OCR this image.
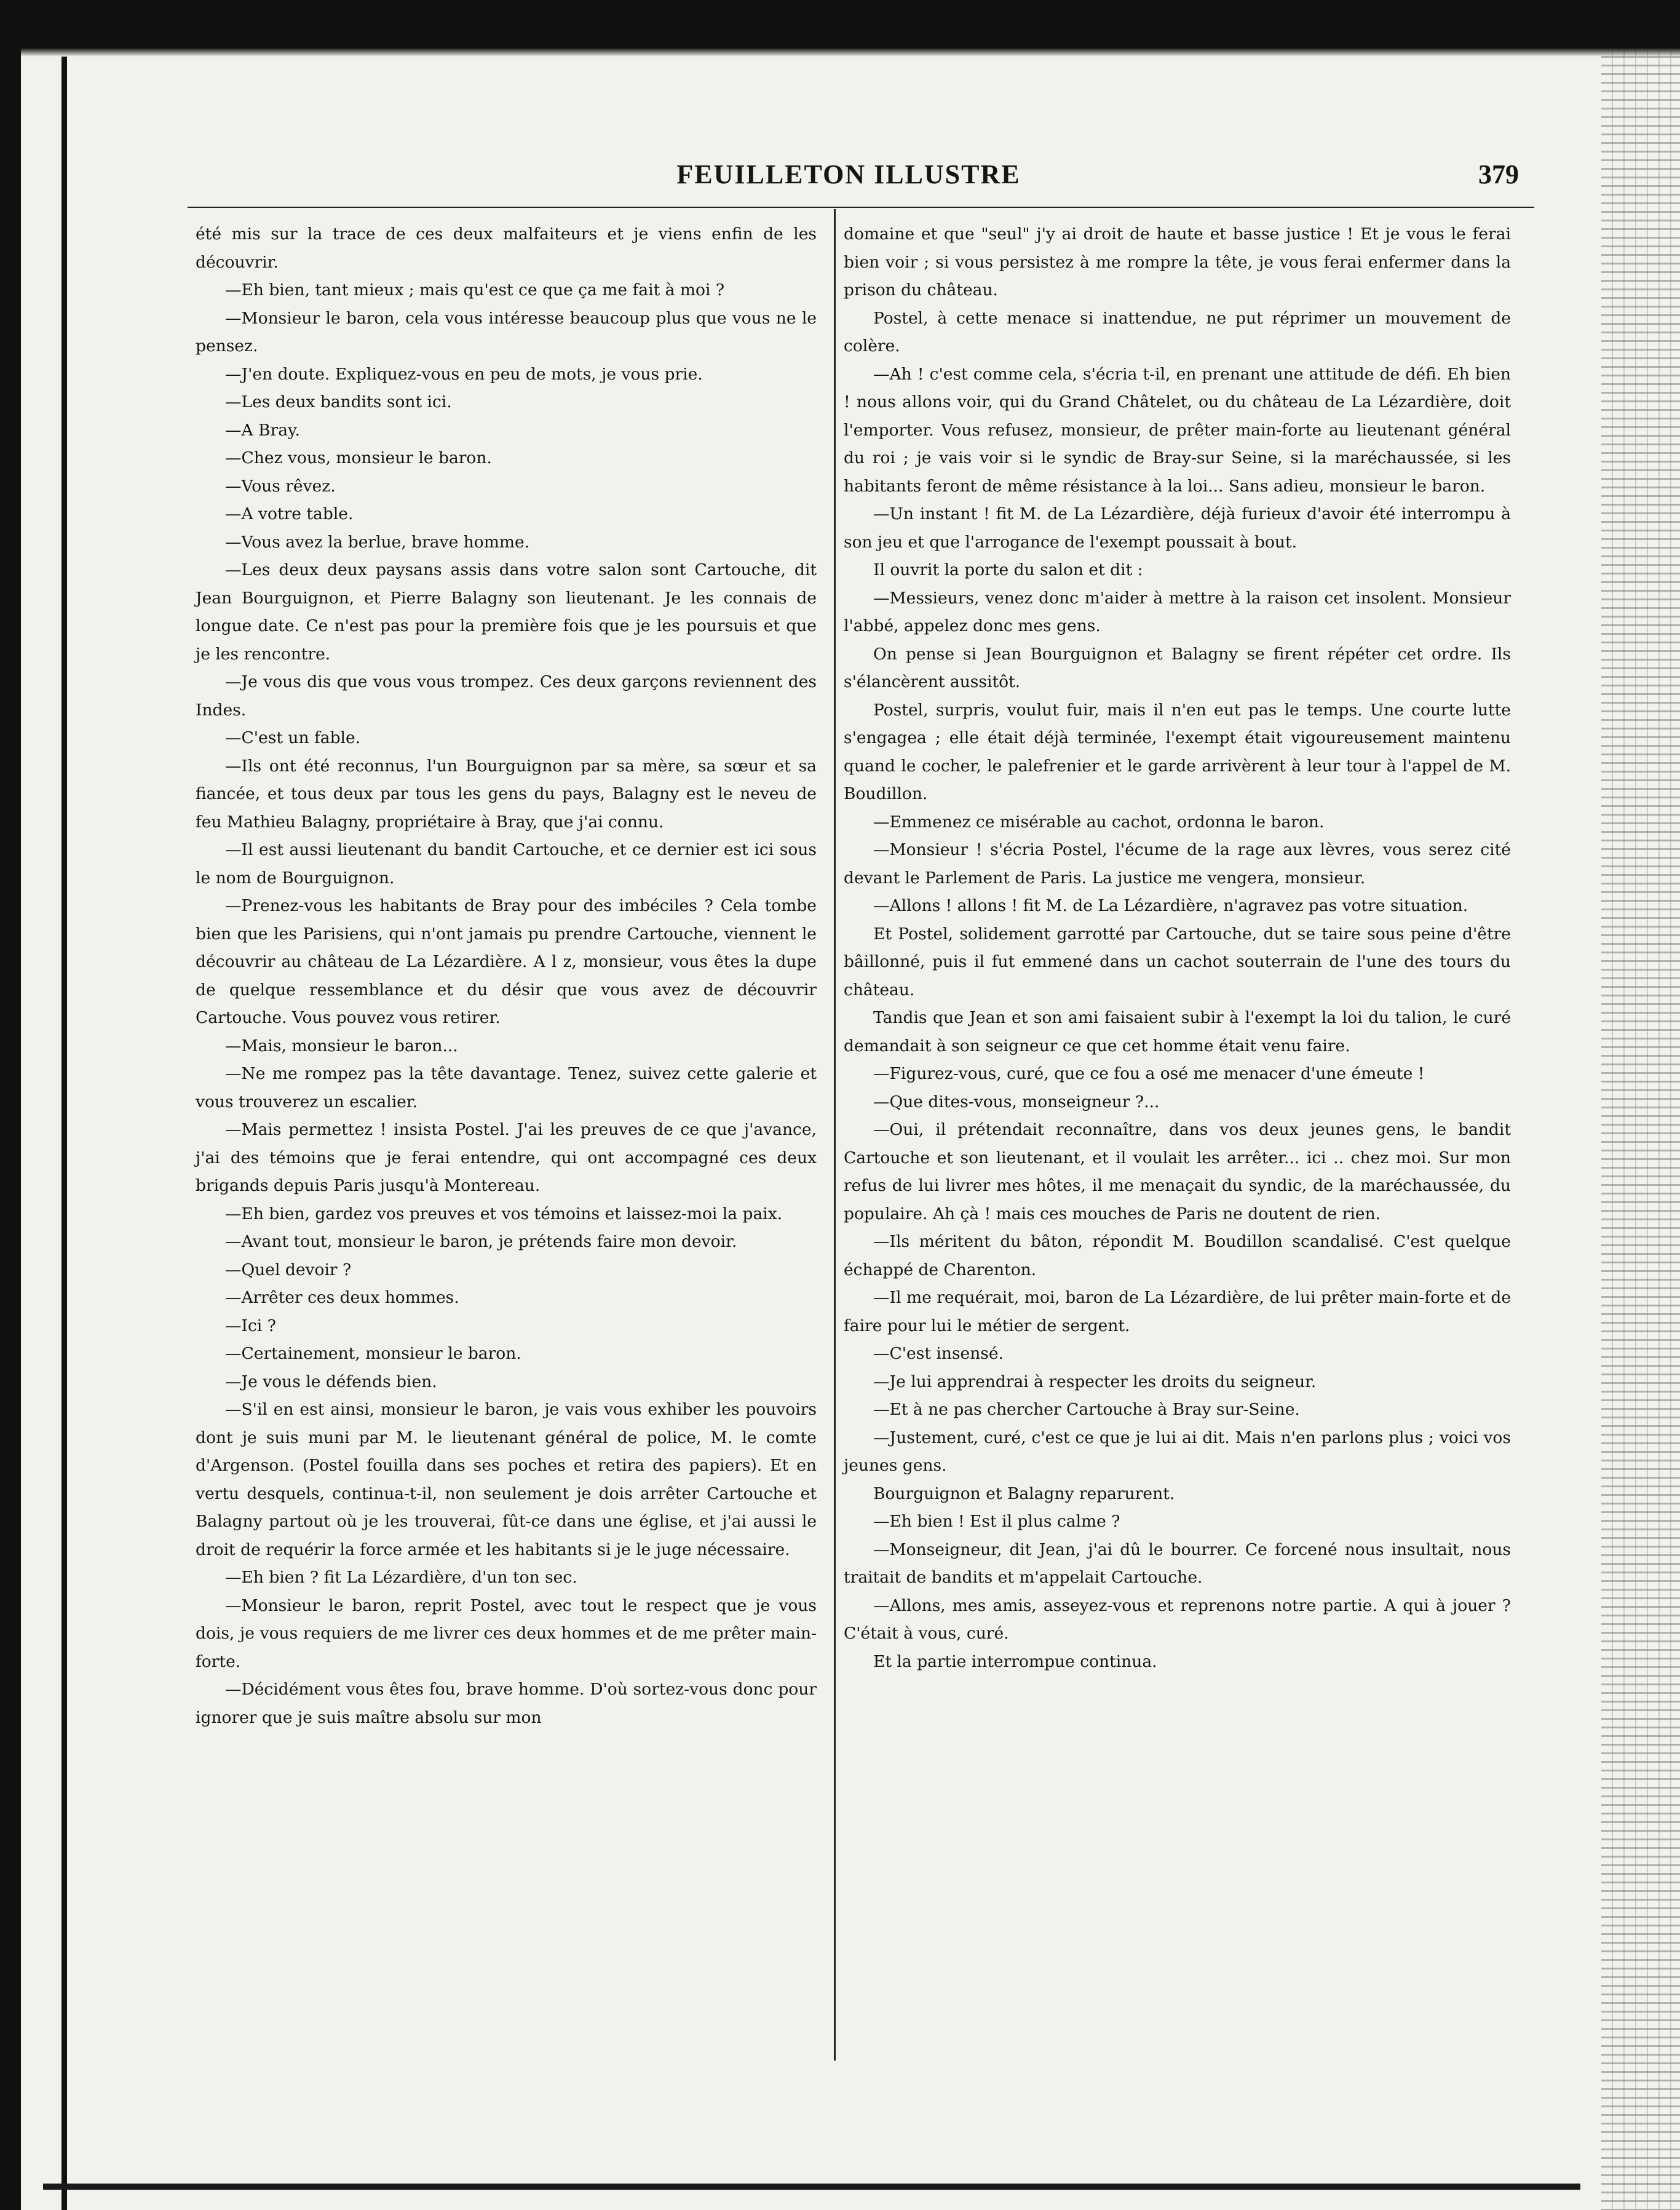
FEUILLETON ILLUSTRE	379

été mis sur la trace de ces deux malfaiteurs et je viens enfin de les découvrir.

—Eh bien, tant mieux ; mais qu'est ce que ça me fait à moi ?

—Monsieur le baron, cela vous intéresse beaucoup plus que vous ne le pensez.

—J'en doute. Expliquez-vous en peu de mots, je vous prie.

—Les deux bandits sont ici.

—A Bray.

—Chez vous, monsieur le baron.

—Vous rêvez.

—A votre table.

—Vous avez la berlue, brave homme.

—Les deux deux paysans assis dans votre salon sont Cartouche, dit Jean Bourguignon, et Pierre Balagny son lieutenant. Je les connais de longue date. Ce n'est pas pour la première fois que je les poursuis et que je les rencontre.

—Je vous dis que vous vous trompez. Ces deux garçons reviennent des Indes.

—C'est un fable.

—Ils ont été reconnus, l'un Bourguignon par sa mère, sa sœur et sa fiancée, et tous deux par tous les gens du pays, Balagny est le neveu de feu Mathieu Balagny, propriétaire à Bray, que j'ai connu.

—Il est aussi lieutenant du bandit Cartouche, et ce dernier est ici sous le nom de Bourguignon.

—Prenez-vous les habitants de Bray pour des imbéciles ? Cela tombe bien que les Parisiens, qui n'ont jamais pu prendre Cartouche, viennent le découvrir au château de La Lézardière. A l z, monsieur, vous êtes la dupe de quelque ressemblance et du désir que vous avez de découvrir Cartouche. Vous pouvez vous retirer.

—Mais, monsieur le baron...

—Ne me rompez pas la tête davantage. Tenez, suivez cette galerie et vous trouverez un escalier.

—Mais permettez ! insista Postel. J'ai les preuves de ce que j'avance, j'ai des témoins que je ferai entendre, qui ont accompagné ces deux brigands depuis Paris jusqu'à Montereau.

—Eh bien, gardez vos preuves et vos témoins et laissez-moi la paix.

—Avant tout, monsieur le baron, je prétends faire mon devoir.

—Quel devoir ?

—Arrêter ces deux hommes.

—Ici ?

—Certainement, monsieur le baron.

—Je vous le défends bien.

—S'il en est ainsi, monsieur le baron, je vais vous exhiber les pouvoirs dont je suis muni par M. le lieutenant général de police, M. le comte d'Argenson. (Postel fouilla dans ses poches et retira des papiers). Et en vertu desquels, continua-t-il, non seulement je dois arrêter Cartouche et Balagny partout où je les trouverai, fût-ce dans une église, et j'ai aussi le droit de requérir la force armée et les habitants si je le juge nécessaire.

—Eh bien ? fit La Lézardière, d'un ton sec.

—Monsieur le baron, reprit Postel, avec tout le respect que je vous dois, je vous requiers de me livrer ces deux hommes et de me prêter main-forte.

—Décidément vous êtes fou, brave homme. D'où sortez-vous donc pour ignorer que je suis maître absolu sur mon

domaine et que "seul" j'y ai droit de haute et basse justice ! Et je vous le ferai bien voir ; si vous persistez à me rompre la tête, je vous ferai enfermer dans la prison du château.

Postel, à cette menace si inattendue, ne put réprimer un mouvement de colère.

—Ah ! c'est comme cela, s'écria t-il, en prenant une attitude de défi. Eh bien ! nous allons voir, qui du Grand Châtelet, ou du château de La Lézardière, doit l'emporter. Vous refusez, monsieur, de prêter main-forte au lieutenant général du roi ; je vais voir si le syndic de Bray-sur Seine, si la maréchaussée, si les habitants feront de même résistance à la loi... Sans adieu, monsieur le baron.

—Un instant ! fit M. de La Lézardière, déjà furieux d'avoir été interrompu à son jeu et que l'arrogance de l'exempt poussait à bout.

Il ouvrit la porte du salon et dit :

—Messieurs, venez donc m'aider à mettre à la raison cet insolent. Monsieur l'abbé, appelez donc mes gens.

On pense si Jean Bourguignon et Balagny se firent répéter cet ordre. Ils s'élancèrent aussitôt.

Postel, surpris, voulut fuir, mais il n'en eut pas le temps. Une courte lutte s'engagea ; elle était déjà terminée, l'exempt était vigoureusement maintenu quand le cocher, le palefrenier et le garde arrivèrent à leur tour à l'appel de M. Boudillon.

—Emmenez ce misérable au cachot, ordonna le baron.

—Monsieur ! s'écria Postel, l'écume de la rage aux lèvres, vous serez cité devant le Parlement de Paris. La justice me vengera, monsieur.

—Allons ! allons ! fit M. de La Lézardière, n'agravez pas votre situation.

Et Postel, solidement garrotté par Cartouche, dut se taire sous peine d'être bâillonné, puis il fut emmené dans un cachot souterrain de l'une des tours du château.

Tandis que Jean et son ami faisaient subir à l'exempt la loi du talion, le curé demandait à son seigneur ce que cet homme était venu faire.

—Figurez-vous, curé, que ce fou a osé me menacer d'une émeute !

—Que dites-vous, monseigneur ?...

—Oui, il prétendait reconnaître, dans vos deux jeunes gens, le bandit Cartouche et son lieutenant, et il voulait les arrêter... ici .. chez moi. Sur mon refus de lui livrer mes hôtes, il me menaçait du syndic, de la maréchaussée, du populaire. Ah çà ! mais ces mouches de Paris ne doutent de rien.

—Ils méritent du bâton, répondit M. Boudillon scandalisé. C'est quelque échappé de Charenton.

—Il me requérait, moi, baron de La Lézardière, de lui prêter main-forte et de faire pour lui le métier de sergent.

—C'est insensé.

—Je lui apprendrai à respecter les droits du seigneur.

—Et à ne pas chercher Cartouche à Bray sur-Seine.

—Justement, curé, c'est ce que je lui ai dit. Mais n'en parlons plus ; voici vos jeunes gens.

Bourguignon et Balagny reparurent.

—Eh bien ! Est il plus calme ?

—Monseigneur, dit Jean, j'ai dû le bourrer. Ce forcené nous insultait, nous traitait de bandits et m'appelait Cartouche.

—Allons, mes amis, asseyez-vous et reprenons notre partie. A qui à jouer ? C'était à vous, curé.

Et la partie interrompue continua.
